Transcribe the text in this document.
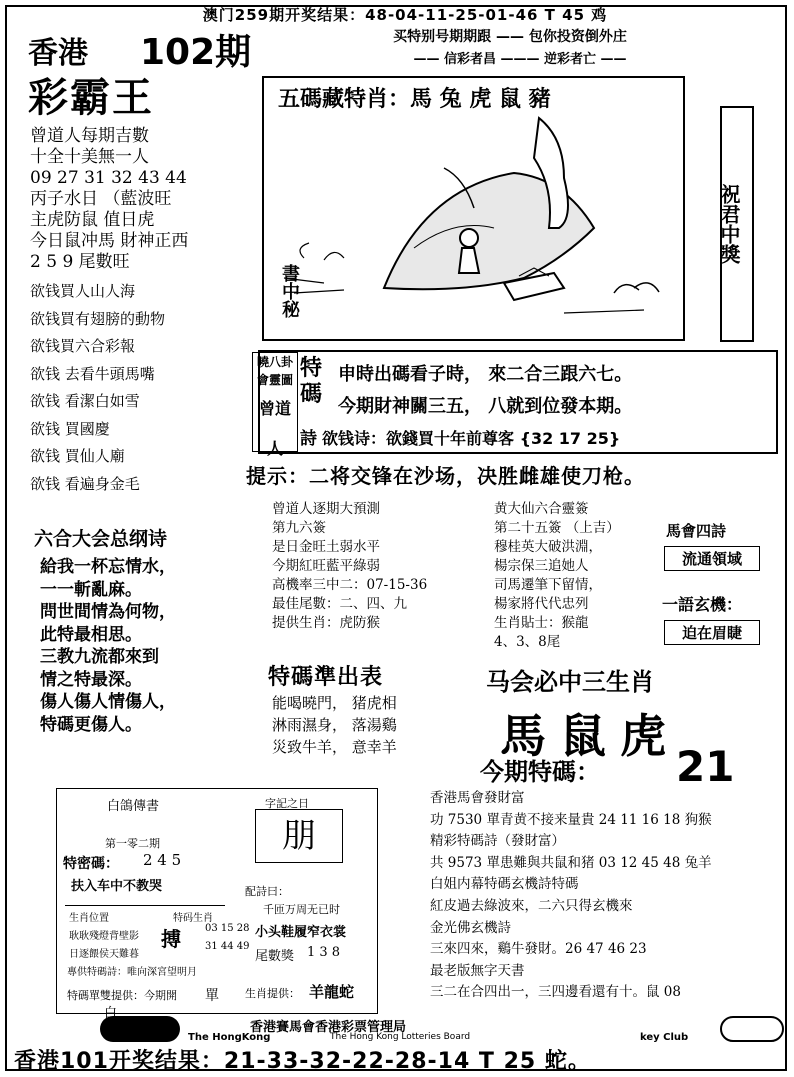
澳门259期开奖结果：48-04-11-25-01-46 T 45 鸡
买特别号期期跟 —— 包你投资倒外庄
—— 信彩者昌 ——— 逆彩者亡 ——
香港 102期
彩霸王
曾道人每期吉數
十全十美無一人
09 27 31 32 43 44
丙子水日 （藍波旺
主虎防鼠 值日虎
今日鼠冲馬 財神正西
2 5 9 尾數旺
欲钱買人山人海
欲钱買有翅膀的動物
欲钱買六合彩報
欲钱 去看牛頭馬嘴
欲钱 看潔白如雪
欲钱 買國慶
欲钱 買仙人廟
欲钱 看遍身金毛
五碼藏特肖：馬 兔 虎 鼠 豬
書中秘
祝君中獎
曉八卦
會靈圖
曾道人
特碼
申時出碼看子時， 來二合三跟六七。
今期財神關三五， 八就到位發本期。
詩 欲钱诗：欲錢買十年前尊客 {32 17 25}
提示：二将交锋在沙场，决胜雌雄使刀枪。
六合大会总纲诗
給我一杯忘情水，
一一斬亂麻。
問世間情為何物，
此特最相思。
三教九流都來到
情之特最深。
傷人傷人情傷人，
特碼更傷人。
曾道人逐期大預測
第九六簽
是日金旺土弱水平
今期紅旺藍平綠弱
高機率三中二：07-15-36
最佳尾數：二、四、九
提供生肖：虎防猴
黄大仙六合靈簽
第二十五簽 （上吉）
穆桂英大破洪淵，
楊宗保三追她人
司馬遷筆下留情，
楊家將代代忠列
生肖貼士：猴龍
4、3、8尾
馬會四詩
流通領域
一語玄機：
迫在眉睫
特碼準出表
能喝曉門， 猪虎相
淋雨濕身， 落湯鷄
災致牛羊， 意幸羊
马会必中三生肖
馬鼠虎
今期特碼： 21
香港馬會發財富
功 7530 單青黄不接来量貴 24 11 16 18 狗猴
精彩特碼詩（發財富）
共 9573 單患難與共鼠和猪 03 12 45 48 兔羊
白姐内幕特碼玄機詩特碼
紅皮過去綠波來，二六只得玄機來
金光佛玄機詩
三來四來，鷄牛發財。26 47 46 23
最老版無字天書
三二在合四出一，三四邊看還有十。鼠 08
白鴿傳書	字記之日
朋
第一零二期
特密碼： 2 4 5
扶入车中不教哭	配詩曰：
千匝万周无已时
生肖位置	特码生肖
耿耿殘燈背壁影
03 15 28
日逐餵侯天難暮
31 44 49
搏
專供特碼詩：唯向深宮望明月
小头鞋履窄衣裳
尾數獎 1 3 8
特碼單雙提供：今期開 單 生肖提供： 羊龍蛇
香港賽馬會香港彩票管理局
The HongKong	The Hong Kong Lotteries Board	key Club
白
香港101开奖结果：21-33-32-22-28-14 T 25 蛇。
